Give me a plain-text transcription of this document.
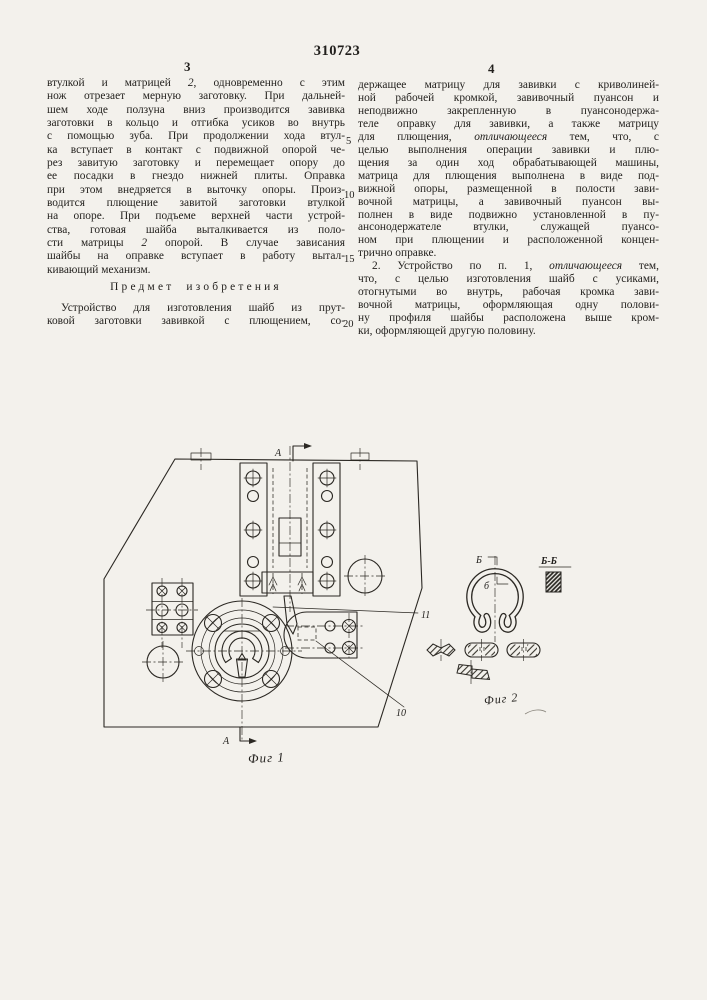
310723
3	4
5
10
15
20
втулкой и матрицей 2, одновременно с этим
нож отрезает мерную заготовку. При дальней-
шем ходе ползуна вниз производится завивка
заготовки в кольцо и отгибка усиков во внутрь
с помощью зуба. При продолжении хода втул-
ка вступает в контакт с подвижной опорой че-
рез завитую заготовку и перемещает опору до
ее посадки в гнездо нижней плиты. Оправка
при этом внедряется в выточку опоры. Произ-
водится плющение завитой заготовки втулкой
на опоре. При подъеме верхней части устрой-
ства, готовая шайба выталкивается из поло-
сти матрицы 2 опорой. В случае зависания
шайбы на оправке вступает в работу вытал-
кивающий механизм.
Предмет изобретения
Устройство для изготовления шайб из прут-
ковой заготовки завивкой с плющением, со-
держащее матрицу для завивки с криволиней-
ной рабочей кромкой, завивочный пуансон и
неподвижно закрепленную в пуансонодержа-
теле оправку для завивки, а также матрицу
для плющения, отличающееся тем, что, с
целью выполнения операции завивки и плю-
щения за один ход обрабатывающей машины,
матрица для плющения выполнена в виде под-
вижной опоры, размещенной в полости зави-
вочной матрицы, а завивочный пуансон вы-
полнен в виде подвижно установленной в пу-
ансонодержателе втулки, служащей пуансо-
ном при плющении и расположенной концен-
трично оправке.
2. Устройство по п. 1, отличающееся тем,
что, с целью изготовления шайб с усиками,
отогнутыми во внутрь, рабочая кромка зави-
вочной матрицы, оформляющая одну полови-
ну профиля шайбы расположена выше кром-
ки, оформляющей другую половину.
11
10
A
A
Фиг 1
Б
б
Б-Б
Фиг 2
